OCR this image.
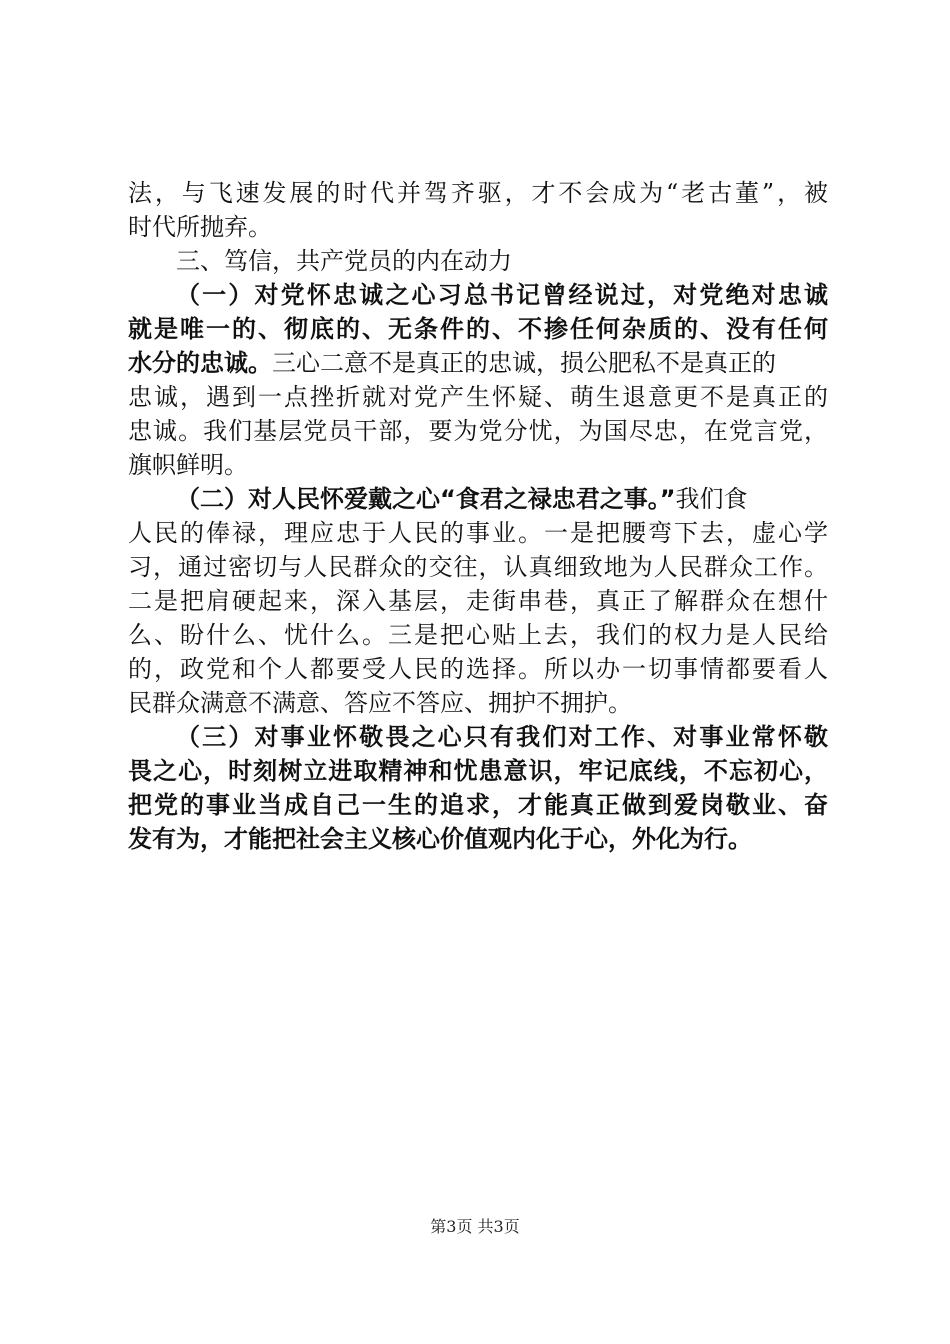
法，与飞速发展的时代并驾齐驱，才不会成为“老古董”，被
时代所抛弃。
三、笃信，共产党员的内在动力
（一）对党怀忠诚之心习总书记曾经说过，对党绝对忠诚
就是唯一的、彻底的、无条件的、不掺任何杂质的、没有任何
水分的忠诚。三心二意不是真正的忠诚，损公肥私不是真正的
忠诚，遇到一点挫折就对党产生怀疑、萌生退意更不是真正的
忠诚。我们基层党员干部，要为党分忧，为国尽忠，在党言党，
旗帜鲜明。
（二）对人民怀爱戴之心“食君之禄忠君之事。”我们食
人民的俸禄，理应忠于人民的事业。一是把腰弯下去，虚心学
习，通过密切与人民群众的交往，认真细致地为人民群众工作。
二是把肩硬起来，深入基层，走街串巷，真正了解群众在想什
么、盼什么、忧什么。三是把心贴上去，我们的权力是人民给
的，政党和个人都要受人民的选择。所以办一切事情都要看人
民群众满意不满意、答应不答应、拥护不拥护。
（三）对事业怀敬畏之心只有我们对工作、对事业常怀敬
畏之心，时刻树立进取精神和忧患意识，牢记底线，不忘初心，
把党的事业当成自己一生的追求，才能真正做到爱岗敬业、奋
发有为，才能把社会主义核心价值观内化于心，外化为行。
第3页 共3页
